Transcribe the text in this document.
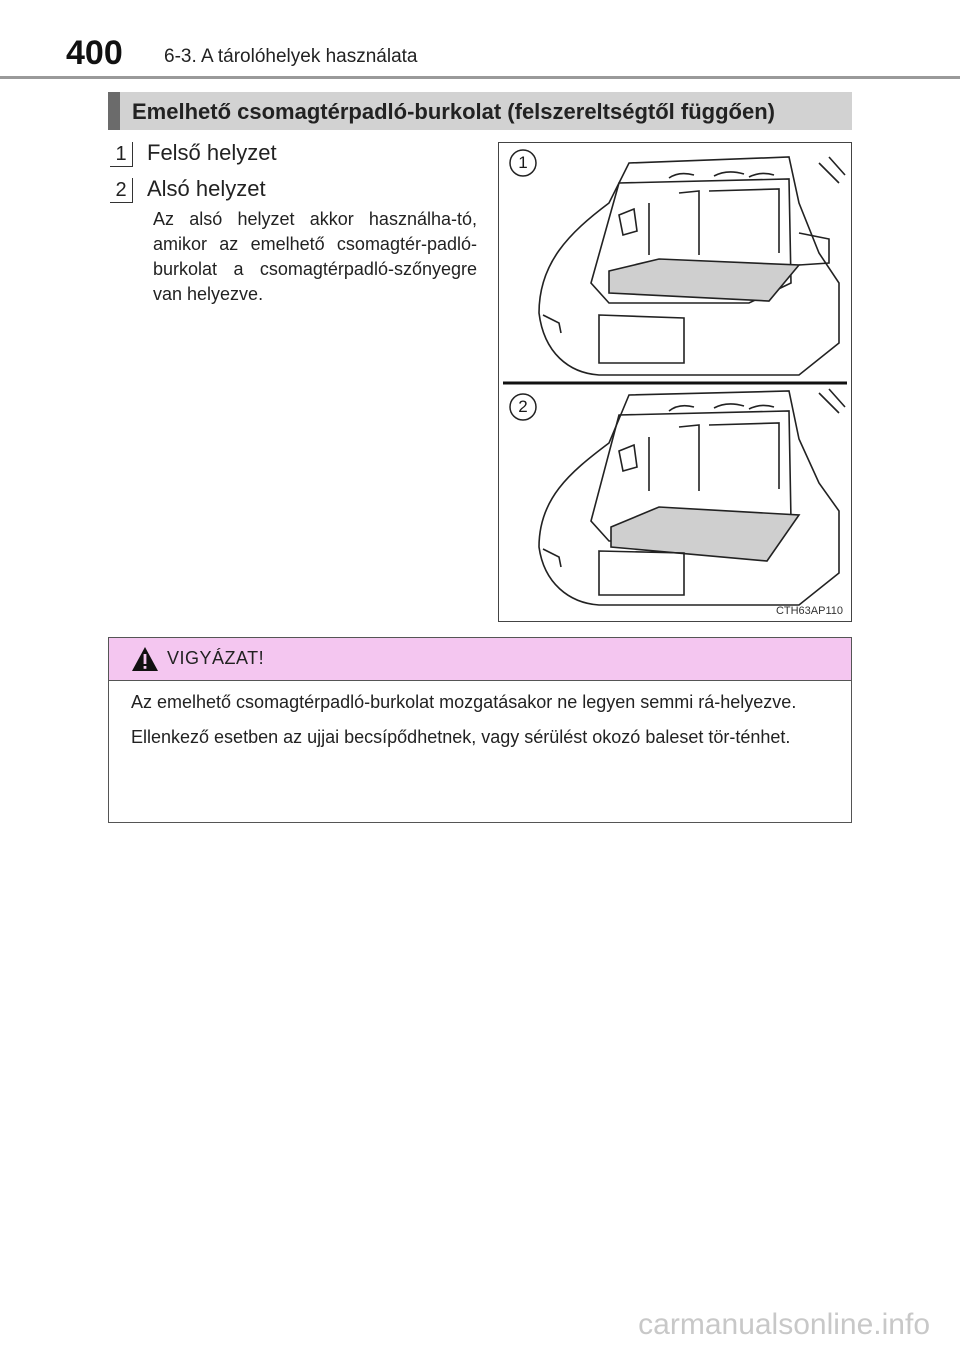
400 6-3. A tárolóhelyek használata
Emelhető csomagtérpadló-burkolat (felszereltségtől függően)
1 Felső helyzet
2 Alsó helyzet
Az alsó helyzet akkor használha-tó, amikor az emelhető csomagtér-padló-burkolat a csomagtérpadló-szőnyegre van helyezve.
1
2
CTH63AP110
VIGYÁZAT!

Az emelhető csomagtérpadló-burkolat mozgatásakor ne legyen semmi rá-helyezve.

Ellenkező esetben az ujjai becsípődhetnek, vagy sérülést okozó baleset tör-ténhet.

carmanualsonline.info
